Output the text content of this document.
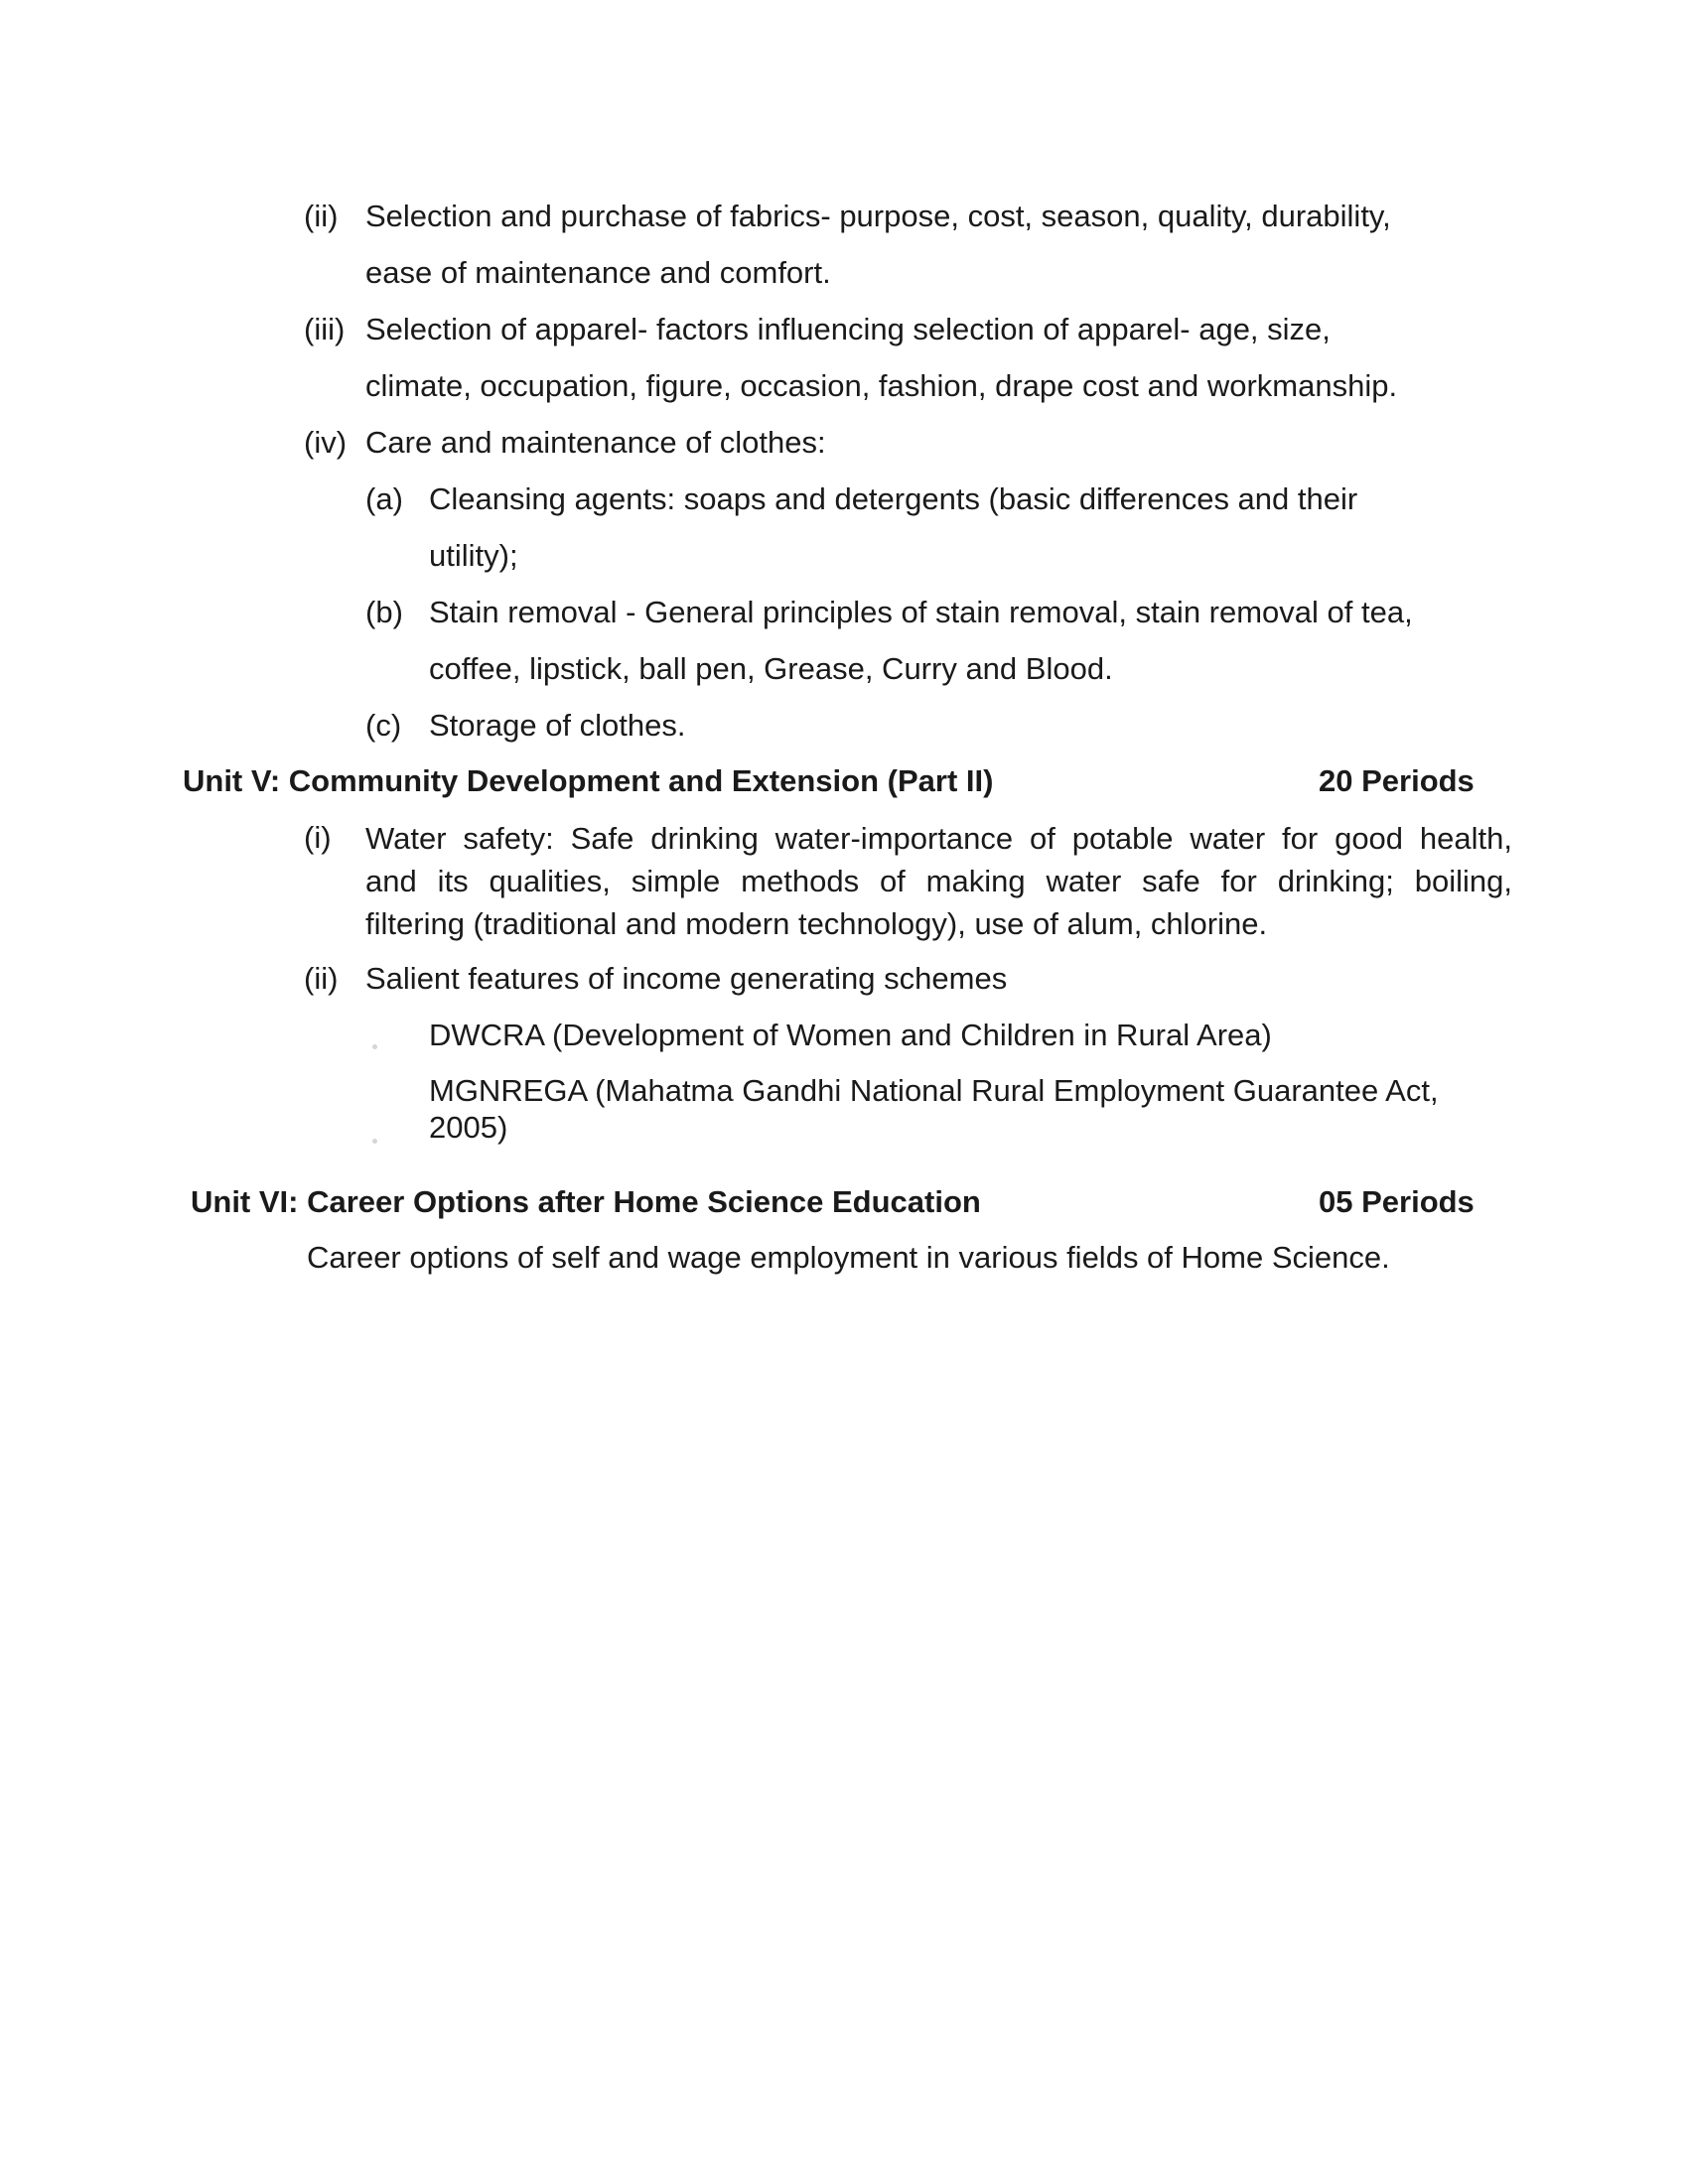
(ii) Selection and purchase of fabrics- purpose, cost, season, quality, durability,
ease of maintenance and comfort.
(iii) Selection of apparel- factors influencing selection of apparel- age, size,
climate, occupation, figure, occasion, fashion, drape cost and workmanship.
(iv) Care and maintenance of clothes:
(a) Cleansing agents: soaps and detergents (basic differences and their
utility);
(b) Stain removal - General principles of stain removal, stain removal of tea,
coffee, lipstick, ball pen, Grease, Curry and Blood.
(c) Storage of clothes.
Unit V: Community Development and Extension (Part II)	20 Periods
(i) Water safety: Safe drinking water-importance of potable water for good health,
and its qualities, simple methods of making water safe for drinking; boiling,
filtering (traditional and modern technology), use of alum, chlorine.
(ii) Salient features of income generating schemes
DWCRA (Development of Women and Children in Rural Area)
MGNREGA (Mahatma Gandhi National Rural Employment Guarantee Act,
2005)
Unit VI: Career Options after Home Science Education	05 Periods
Career options of self and wage employment in various fields of Home Science.
